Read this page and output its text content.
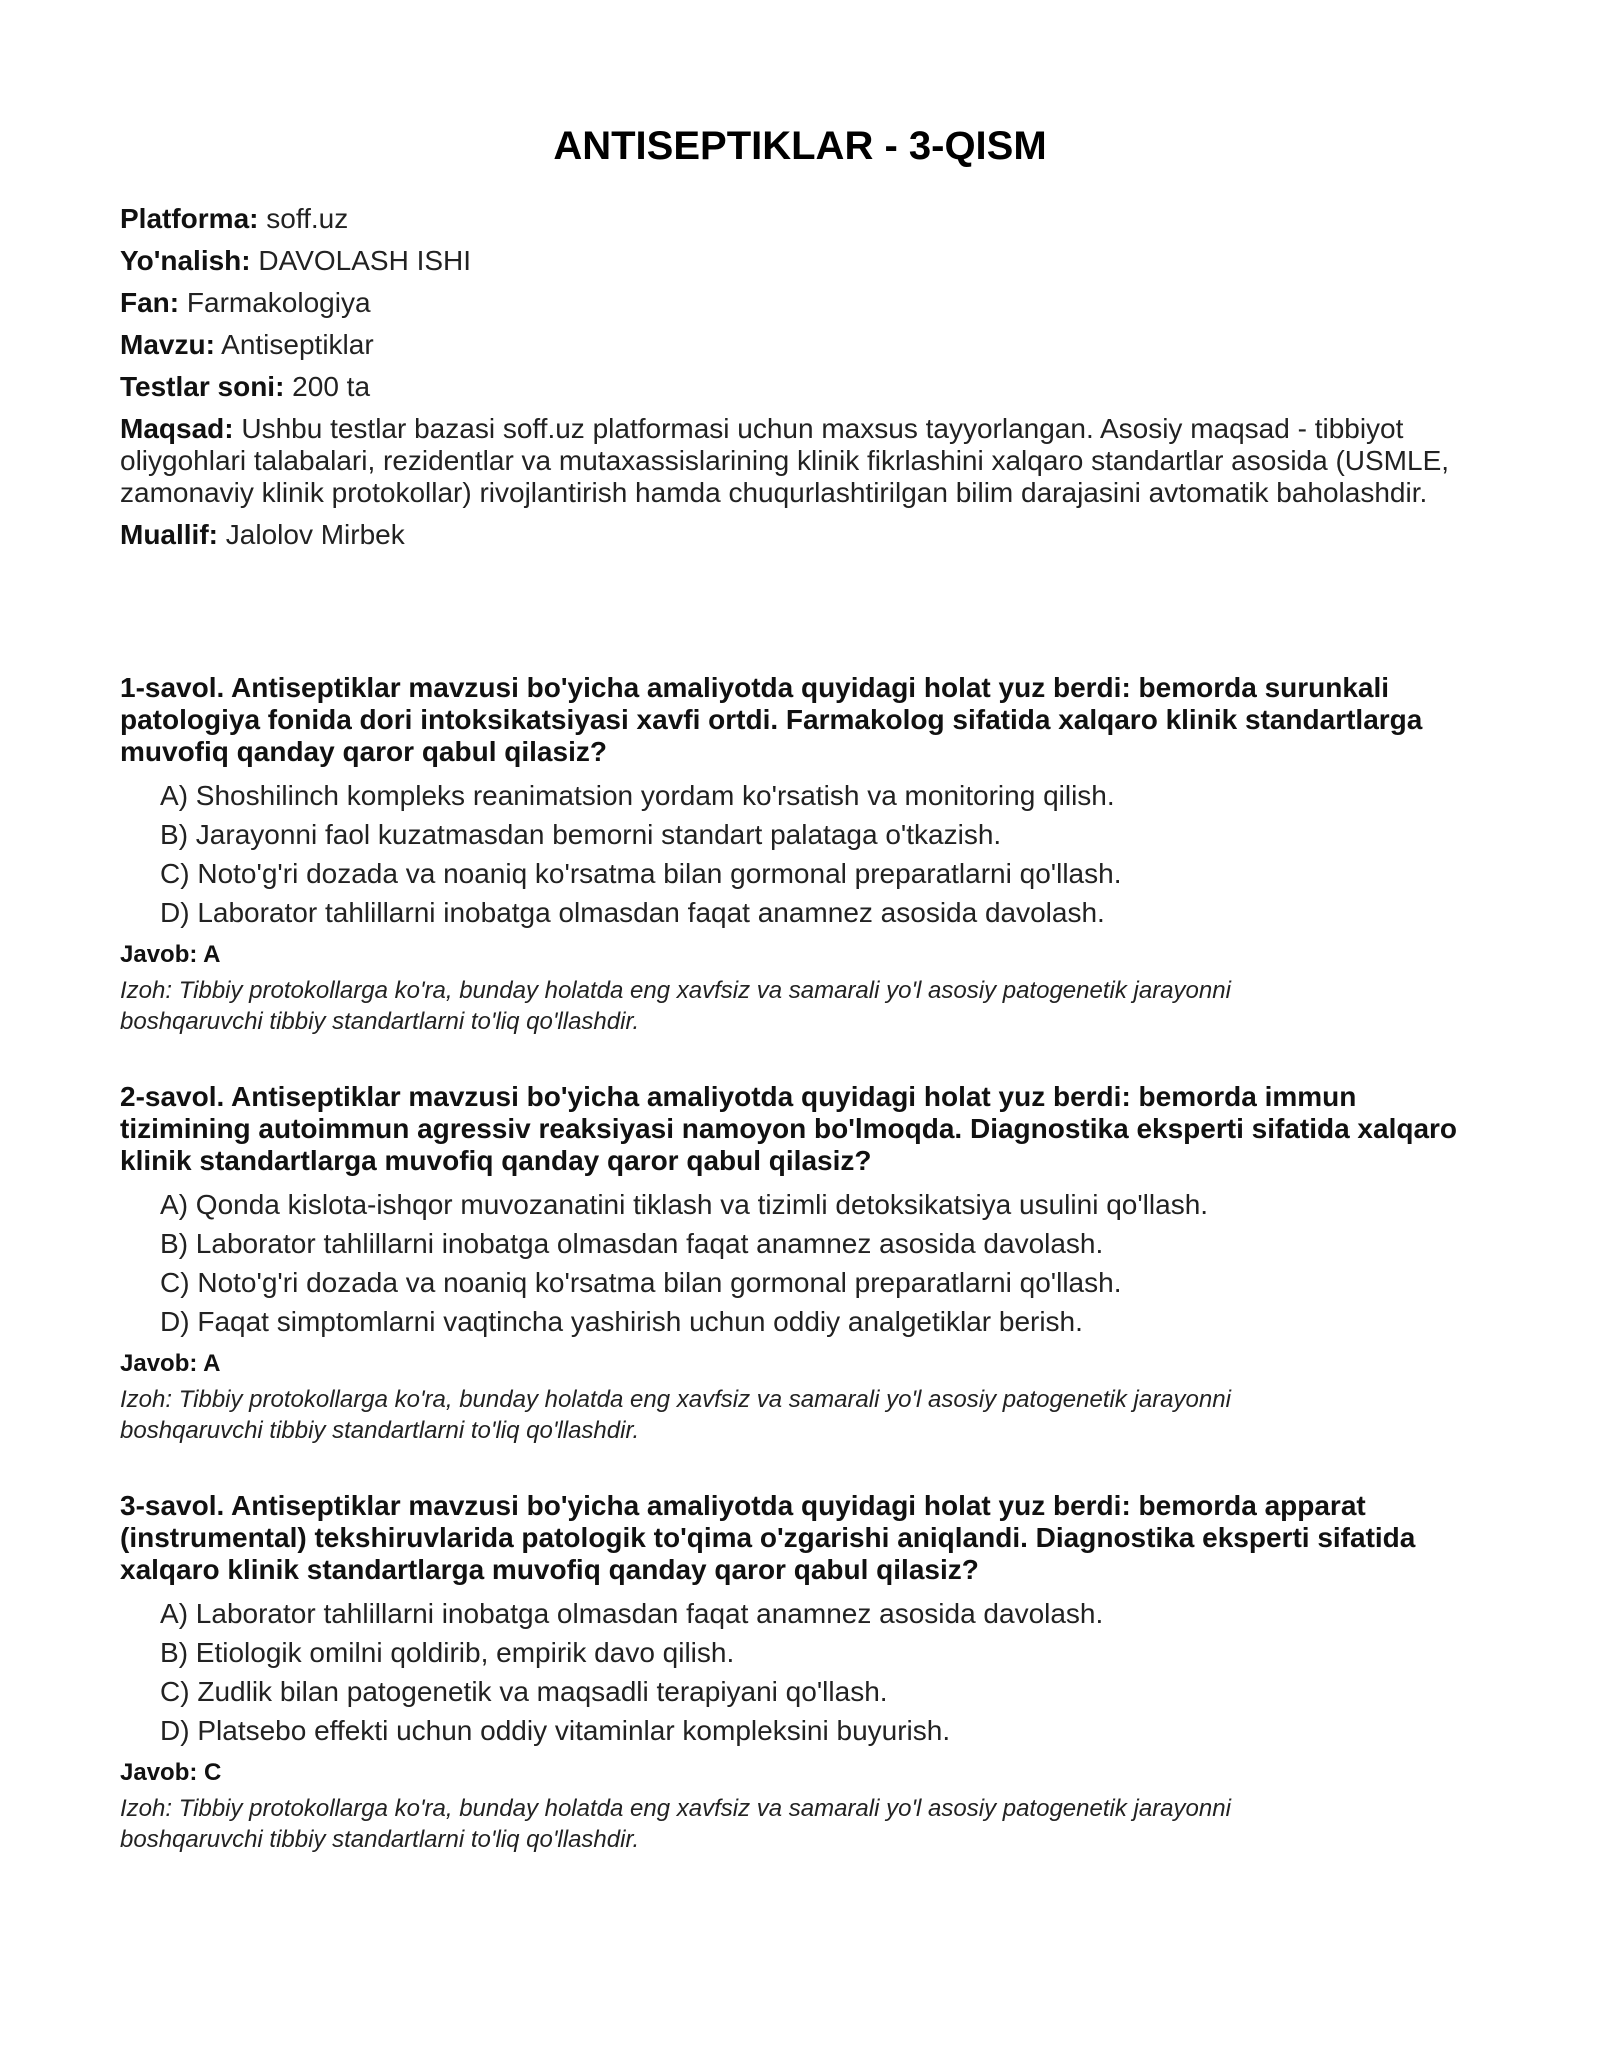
ANTISEPTIKLAR - 3-QISM

Platforma: soff.uz

Yo'nalish: DAVOLASH ISHI

Fan: Farmakologiya

Mavzu: Antiseptiklar

Testlar soni: 200 ta

Maqsad: Ushbu testlar bazasi soff.uz platformasi uchun maxsus tayyorlangan. Asosiy maqsad - tibbiyot oliygohlari talabalari, rezidentlar va mutaxassislarining klinik fikrlashini xalqaro standartlar asosida (USMLE, zamonaviy klinik protokollar) rivojlantirish hamda chuqurlashtirilgan bilim darajasini avtomatik baholashdir.

Muallif: Jalolov Mirbek

1-savol. Antiseptiklar mavzusi bo'yicha amaliyotda quyidagi holat yuz berdi: bemorda surunkali patologiya fonida dori intoksikatsiyasi xavfi ortdi. Farmakolog sifatida xalqaro klinik standartlarga muvofiq qanday qaror qabul qilasiz?

A ) Shoshilinch kompleks reanimatsion yordam ko'rsatish va monitoring qilish.
B ) Jarayonni faol kuzatmasdan bemorni standart palataga o'tkazish.
C ) Noto'g'ri dozada va noaniq ko'rsatma bilan gormonal preparatlarni qo'llash.
D ) Laborator tahlillarni inobatga olmasdan faqat anamnez asosida davolash.

Javob: A

Izoh: Tibbiy protokollarga ko'ra, bunday holatda eng xavfsiz va samarali yo'l asosiy patogenetik jarayonni boshqaruvchi tibbiy standartlarni to'liq qo'llashdir.

2-savol. Antiseptiklar mavzusi bo'yicha amaliyotda quyidagi holat yuz berdi: bemorda immun tizimining autoimmun agressiv reaksiyasi namoyon bo'lmoqda. Diagnostika eksperti sifatida xalqaro klinik standartlarga muvofiq qanday qaror qabul qilasiz?

A ) Qonda kislota-ishqor muvozanatini tiklash va tizimli detoksikatsiya usulini qo'llash.
B ) Laborator tahlillarni inobatga olmasdan faqat anamnez asosida davolash.
C ) Noto'g'ri dozada va noaniq ko'rsatma bilan gormonal preparatlarni qo'llash.
D ) Faqat simptomlarni vaqtincha yashirish uchun oddiy analgetiklar berish.

Javob: A

Izoh: Tibbiy protokollarga ko'ra, bunday holatda eng xavfsiz va samarali yo'l asosiy patogenetik jarayonni boshqaruvchi tibbiy standartlarni to'liq qo'llashdir.

3-savol. Antiseptiklar mavzusi bo'yicha amaliyotda quyidagi holat yuz berdi: bemorda apparat (instrumental) tekshiruvlarida patologik to'qima o'zgarishi aniqlandi. Diagnostika eksperti sifatida xalqaro klinik standartlarga muvofiq qanday qaror qabul qilasiz?

A ) Laborator tahlillarni inobatga olmasdan faqat anamnez asosida davolash.
B ) Etiologik omilni qoldirib, empirik davo qilish.
C ) Zudlik bilan patogenetik va maqsadli terapiyani qo'llash.
D ) Platsebo effekti uchun oddiy vitaminlar kompleksini buyurish.

Javob: C

Izoh: Tibbiy protokollarga ko'ra, bunday holatda eng xavfsiz va samarali yo'l asosiy patogenetik jarayonni boshqaruvchi tibbiy standartlarni to'liq qo'llashdir.
